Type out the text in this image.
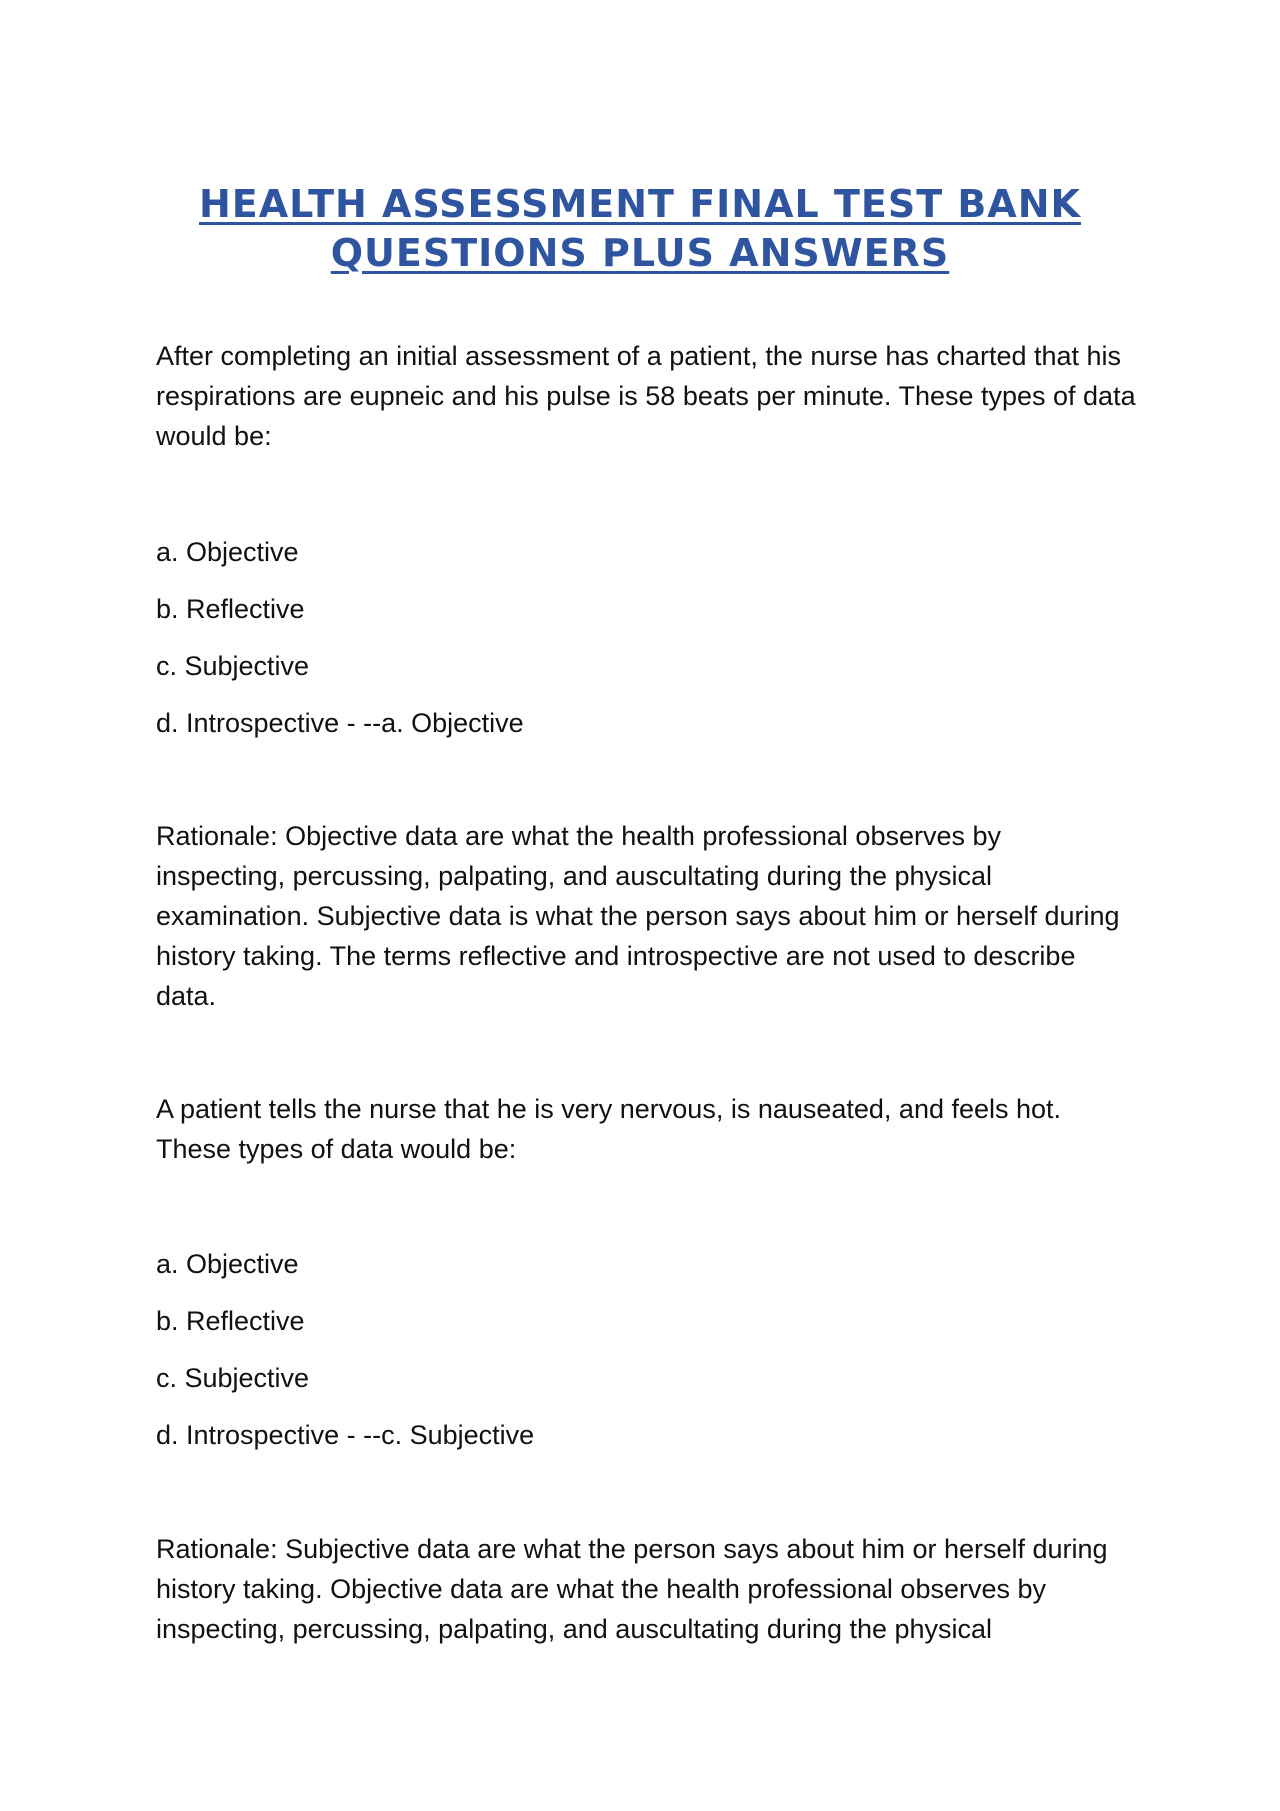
HEALTH ASSESSMENT FINAL TEST BANK QUESTIONS PLUS ANSWERS

After completing an initial assessment of a patient, the nurse has charted that his respirations are eupneic and his pulse is 58 beats per minute. These types of data would be:

a. Objective

b. Reflective

c. Subjective

d. Introspective - --a. Objective

Rationale: Objective data are what the health professional observes by inspecting, percussing, palpating, and auscultating during the physical examination. Subjective data is what the person says about him or herself during history taking. The terms reflective and introspective are not used to describe data.

A patient tells the nurse that he is very nervous, is nauseated, and feels hot. These types of data would be:

a. Objective

b. Reflective

c. Subjective

d. Introspective - --c. Subjective

Rationale: Subjective data are what the person says about him or herself during history taking. Objective data are what the health professional observes by inspecting, percussing, palpating, and auscultating during the physical
